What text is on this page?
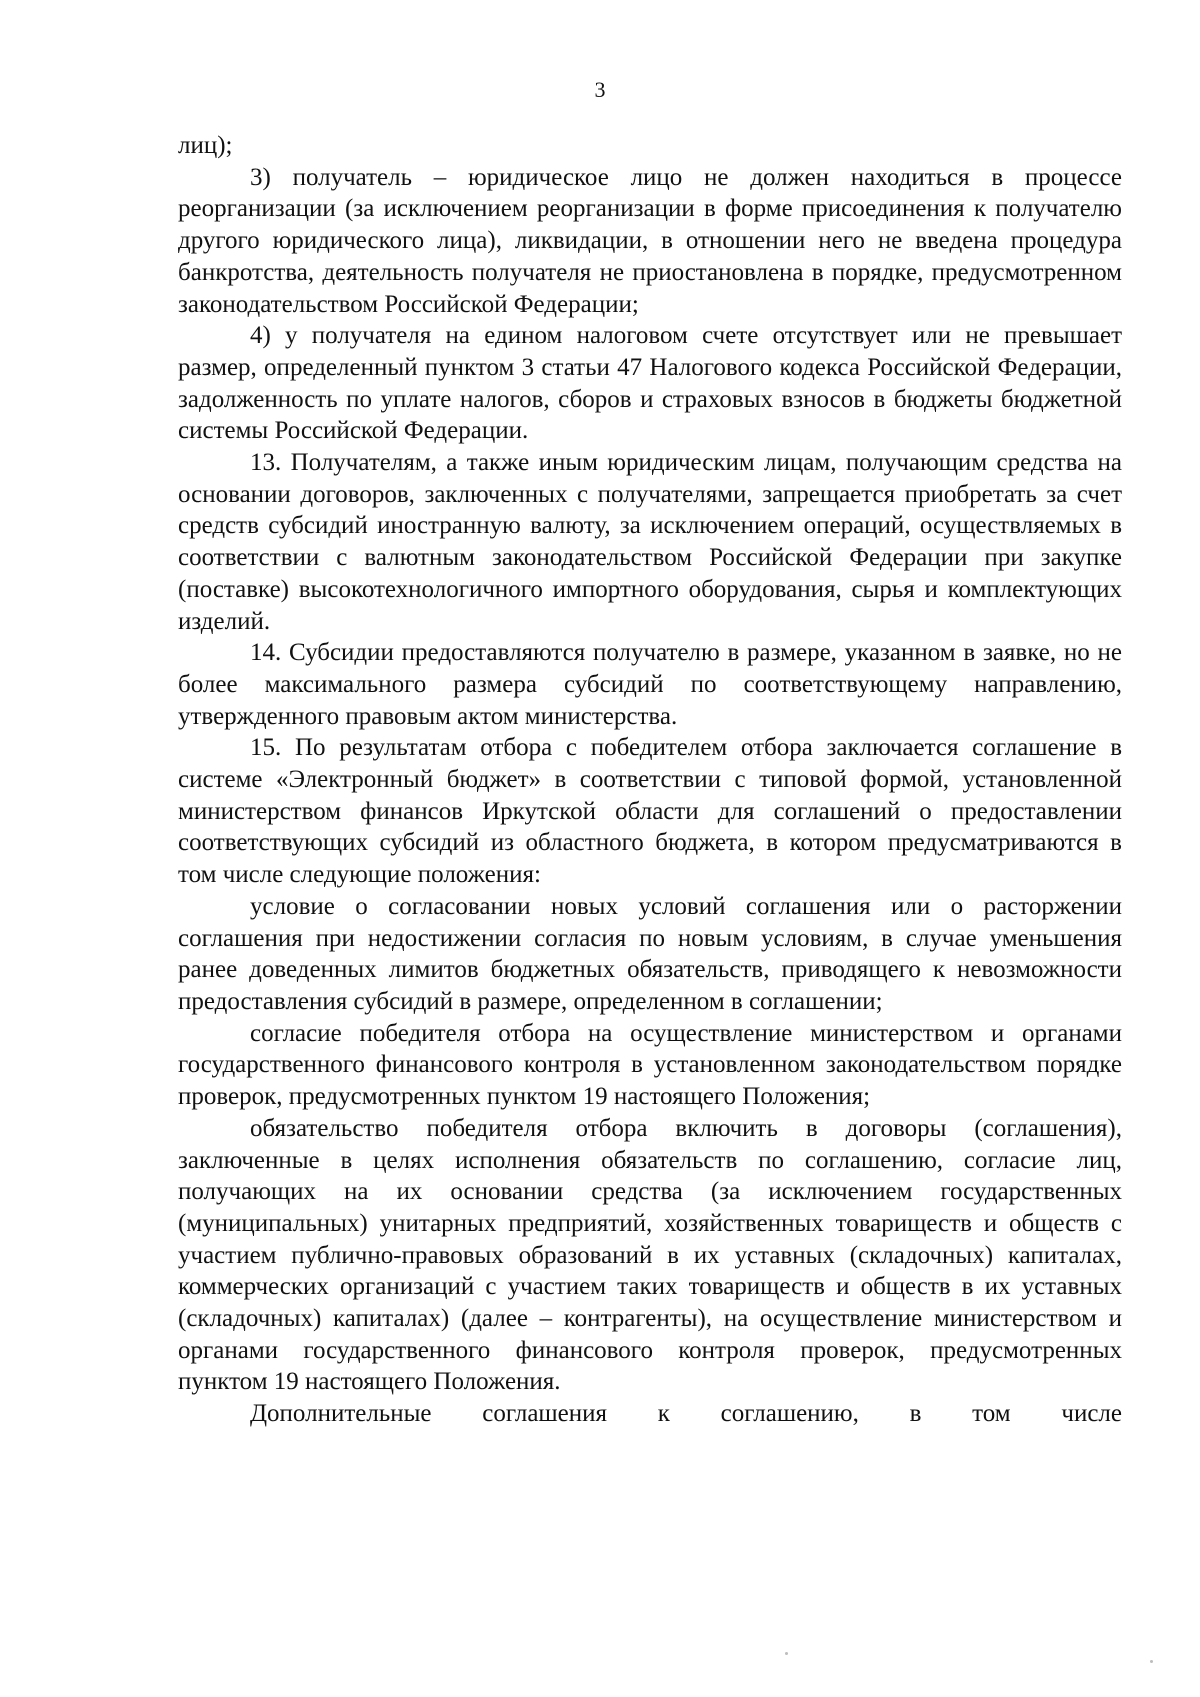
3

лиц);

3) получатель – юридическое лицо не должен находиться в процессе реорганизации (за исключением реорганизации в форме присоединения к получателю другого юридического лица), ликвидации, в отношении него не введена процедура банкротства, деятельность получателя не приостановлена в порядке, предусмотренном законодательством Российской Федерации;

4) у получателя на едином налоговом счете отсутствует или не превышает размер, определенный пунктом 3 статьи 47 Налогового кодекса Российской Федерации, задолженность по уплате налогов, сборов и страховых взносов в бюджеты бюджетной системы Российской Федерации.

13. Получателям, а также иным юридическим лицам, получающим средства на основании договоров, заключенных с получателями, запрещается приобретать за счет средств субсидий иностранную валюту, за исключением операций, осуществляемых в соответствии с валютным законодательством Российской Федерации при закупке (поставке) высокотехнологичного импортного оборудования, сырья и комплектующих изделий.

14. Субсидии предоставляются получателю в размере, указанном в заявке, но не более максимального размера субсидий по соответствующему направлению, утвержденного правовым актом министерства.

15. По результатам отбора с победителем отбора заключается соглашение в системе «Электронный бюджет» в соответствии с типовой формой, установленной министерством финансов Иркутской области для соглашений о предоставлении соответствующих субсидий из областного бюджета, в котором предусматриваются в том числе следующие положения:

условие о согласовании новых условий соглашения или о расторжении соглашения при недостижении согласия по новым условиям, в случае уменьшения ранее доведенных лимитов бюджетных обязательств, приводящего к невозможности предоставления субсидий в размере, определенном в соглашении;

согласие победителя отбора на осуществление министерством и органами государственного финансового контроля в установленном законодательством порядке проверок, предусмотренных пунктом 19 настоящего Положения;

обязательство победителя отбора включить в договоры (соглашения), заключенные в целях исполнения обязательств по соглашению, согласие лиц, получающих на их основании средства (за исключением государственных (муниципальных) унитарных предприятий, хозяйственных товариществ и обществ с участием публично-правовых образований в их уставных (складочных) капиталах, коммерческих организаций с участием таких товариществ и обществ в их уставных (складочных) капиталах) (далее – контрагенты), на осуществление министерством и органами государственного финансового контроля проверок, предусмотренных пунктом 19 настоящего Положения.

Дополнительные соглашения к соглашению, в том числе
